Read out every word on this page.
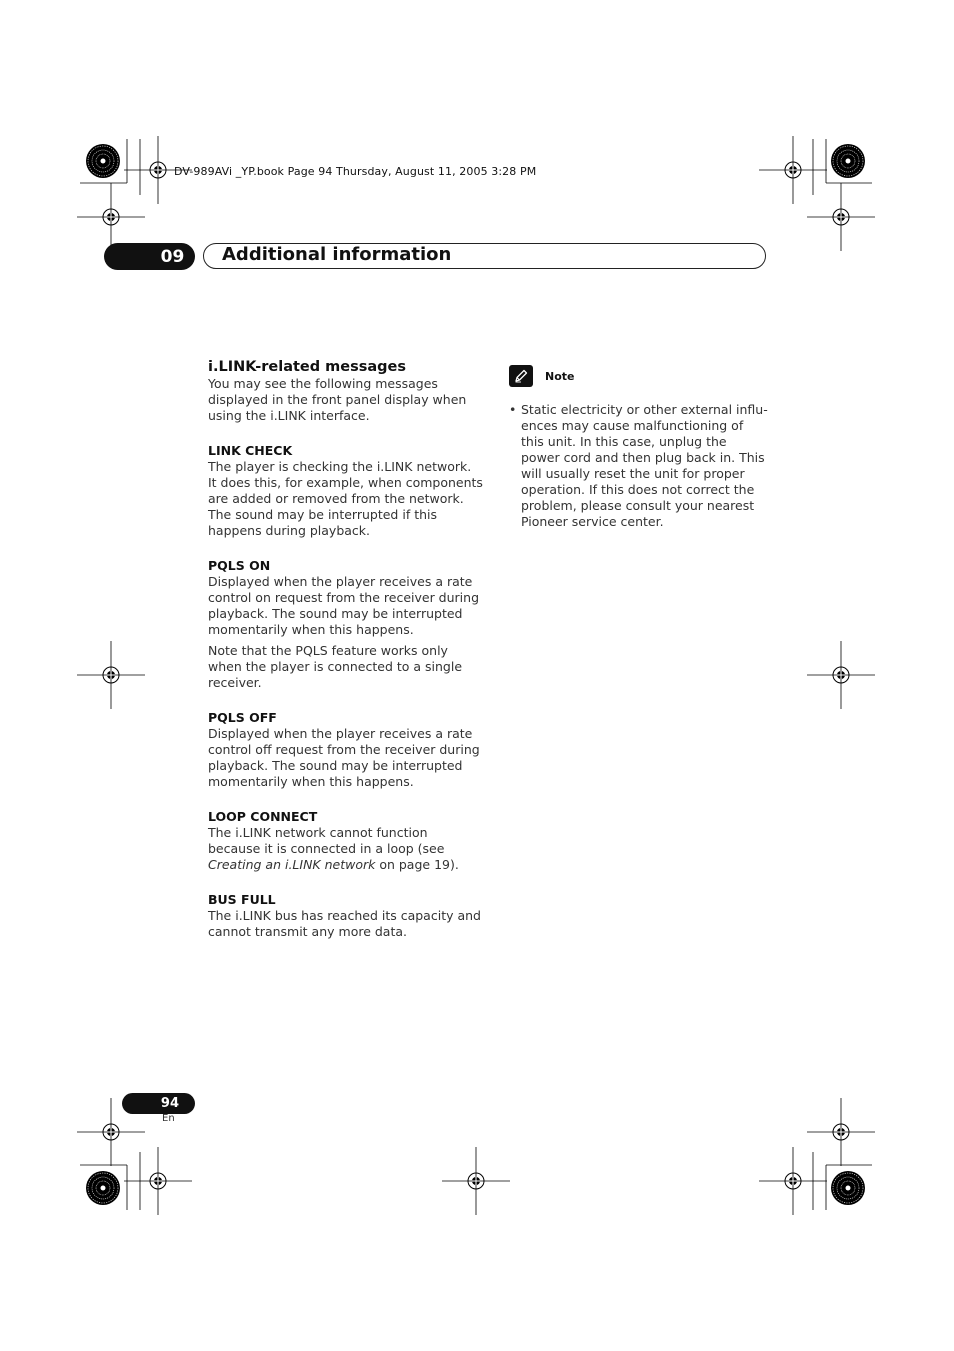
DV-989AVi _YP.book Page 94 Thursday, August 11, 2005 3:28 PM
09 Additional information
i.LINK-related messages

You may see the following messages displayed in the front panel display when using the i.LINK interface.

LINK CHECK

The player is checking the i.LINK network. It does this, for example, when components are added or removed from the network. The sound may be interrupted if this happens during playback.

PQLS ON

Displayed when the player receives a rate control on request from the receiver during playback. The sound may be interrupted momentarily when this happens.

Note that the PQLS feature works only when the player is connected to a single receiver.

PQLS OFF

Displayed when the player receives a rate control off request from the receiver during playback. The sound may be interrupted momentarily when this happens.

LOOP CONNECT

The i.LINK network cannot function because it is connected in a loop (see Creating an i.LINK network on page 19).

BUS FULL

The i.LINK bus has reached its capacity and cannot transmit any more data.

Note
• Static electricity or other external influ-ences may cause malfunctioning of this unit. In this case, unplug the power cord and then plug back in. This will usually reset the unit for proper operation. If this does not correct the problem, please consult your nearest Pioneer service center.

94
En
